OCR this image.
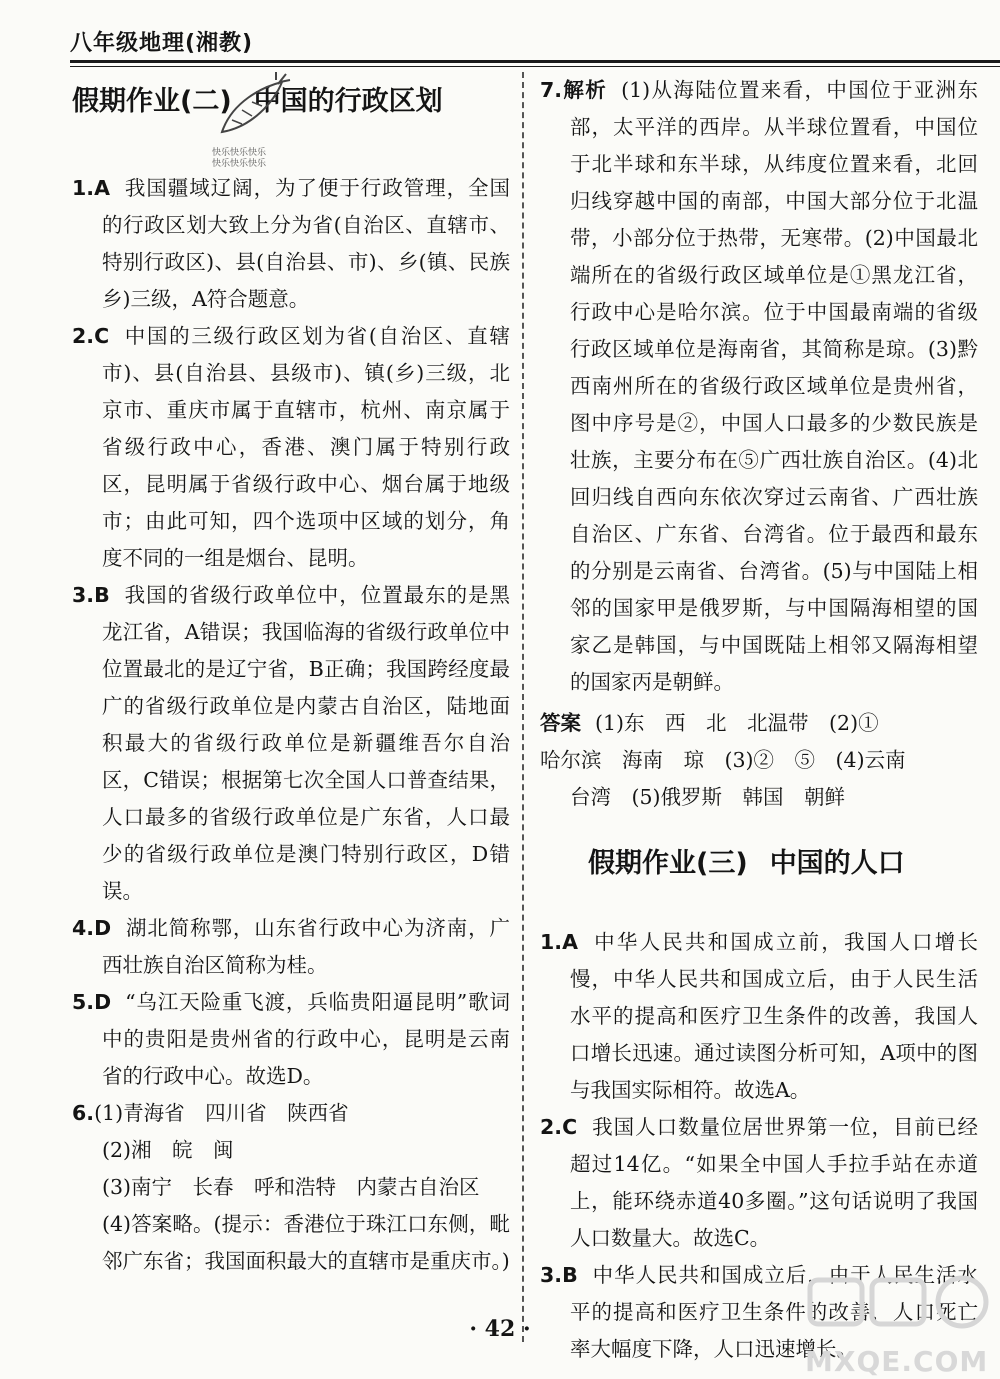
八年级地理(湘教)
假期作业(二) 中国的行政区划
快乐快乐快乐
快乐快乐快乐

1.A 我国疆域辽阔，为了便于行政管理，全国的行政区划大致上分为省(自治区、直辖市、特别行政区)、县(自治县、市)、乡(镇、民族乡)三级，A符合题意。

2.C 中国的三级行政区划为省(自治区、直辖市)、县(自治县、县级市)、镇(乡)三级，北京市、重庆市属于直辖市，杭州、南京属于省级行政中心，香港、澳门属于特别行政区，昆明属于省级行政中心、烟台属于地级市；由此可知，四个选项中区域的划分，角度不同的一组是烟台、昆明。

3.B 我国的省级行政单位中，位置最东的是黑龙江省，A错误；我国临海的省级行政单位中位置最北的是辽宁省，B正确；我国跨经度最广的省级行政单位是内蒙古自治区，陆地面积最大的省级行政单位是新疆维吾尔自治区，C错误；根据第七次全国人口普查结果，人口最多的省级行政单位是广东省，人口最少的省级行政单位是澳门特别行政区，D错误。

4.D 湖北简称鄂，山东省行政中心为济南，广西壮族自治区简称为桂。

5.D “乌江天险重飞渡，兵临贵阳逼昆明”歌词中的贵阳是贵州省的行政中心，昆明是云南省的行政中心。故选D。

6.(1)青海省　四川省　陕西省

(2)湘　皖　闽

(3)南宁　长春　呼和浩特　内蒙古自治区

(4)答案略。(提示：香港位于珠江口东侧，毗邻广东省；我国面积最大的直辖市是重庆市。)

7.解析 (1)从海陆位置来看，中国位于亚洲东部，太平洋的西岸。从半球位置看，中国位于北半球和东半球，从纬度位置来看，北回归线穿越中国的南部，中国大部分位于北温带，小部分位于热带，无寒带。(2)中国最北端所在的省级行政区域单位是①黑龙江省，行政中心是哈尔滨。位于中国最南端的省级行政区域单位是海南省，其简称是琼。(3)黔西南州所在的省级行政区域单位是贵州省，图中序号是②，中国人口最多的少数民族是壮族，主要分布在⑤广西壮族自治区。(4)北回归线自西向东依次穿过云南省、广西壮族自治区、广东省、台湾省。位于最西和最东的分别是云南省、台湾省。(5)与中国陆上相邻的国家甲是俄罗斯，与中国隔海相望的国家乙是韩国，与中国既陆上相邻又隔海相望的国家丙是朝鲜。

答案 (1)东　西　北　北温带　(2)①
哈尔滨　海南　琼　(3)②　⑤　(4)云南
台湾　(5)俄罗斯　韩国　朝鲜
假期作业(三) 中国的人口

1.A 中华人民共和国成立前，我国人口增长慢，中华人民共和国成立后，由于人民生活水平的提高和医疗卫生条件的改善，我国人口增长迅速。通过读图分析可知，A项中的图与我国实际相符。故选A。

2.C 我国人口数量位居世界第一位，目前已经超过14亿。“如果全中国人手拉手站在赤道上，能环绕赤道40多圈。”这句话说明了我国人口数量大。故选C。

3.B 中华人民共和国成立后，由于人民生活水平的提高和医疗卫生条件的改善，人口死亡率大幅度下降，人口迅速增长。

· 42 ·
MXQE.COM
